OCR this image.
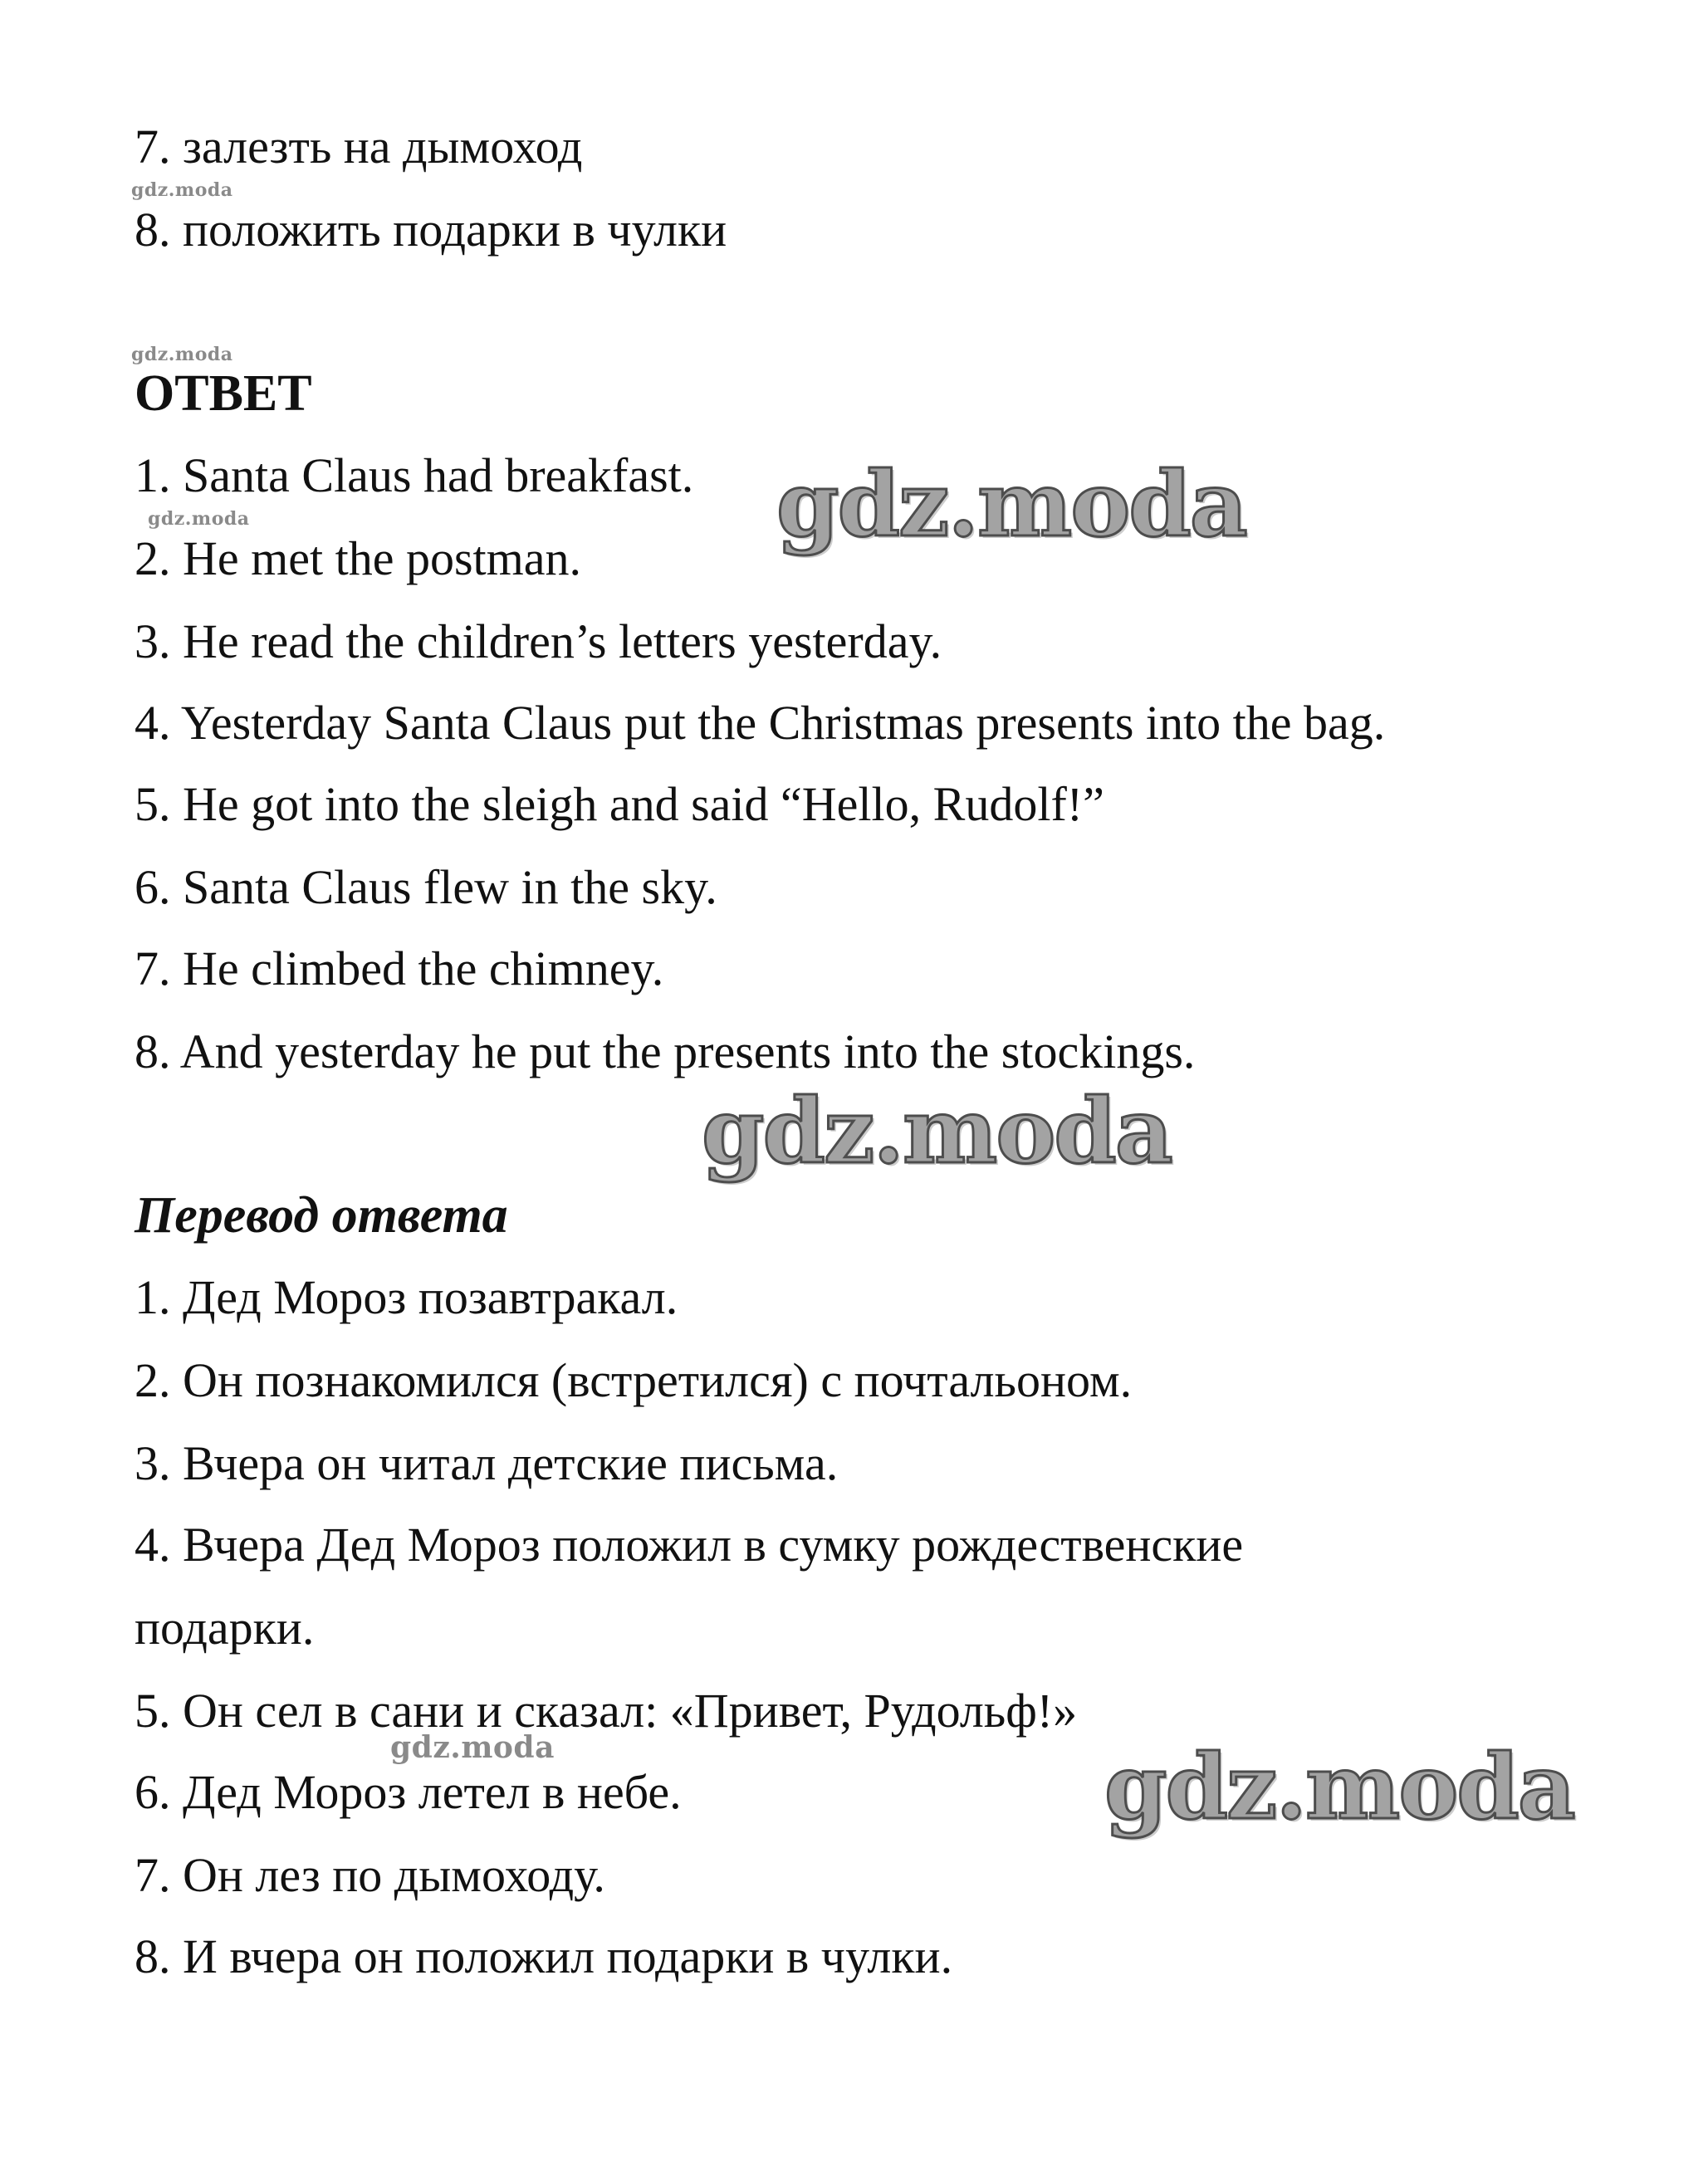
7. залезть на дымоход
8. положить подарки в чулки
ОТВЕТ
1. Santa Claus had breakfast.
2. He met the postman.
3. He read the children’s letters yesterday.
4. Yesterday Santa Claus put the Christmas presents into the bag.
5. He got into the sleigh and said “Hello, Rudolf!”
6. Santa Claus flew in the sky.
7. He climbed the chimney.
8. And yesterday he put the presents into the stockings.
Перевод ответа
1. Дед Мороз позавтракал.
2. Он познакомился (встретился) с почтальоном.
3. Вчера он читал детские письма.
4. Вчера Дед Мороз положил в сумку рождественские
подарки.
5. Он сел в сани и сказал: «Привет, Рудольф!»
6. Дед Мороз летел в небе.
7. Он лез по дымоходу.
8. И вчера он положил подарки в чулки.
gdz.moda
gdz.moda
gdz.moda
gdz.moda
gdz.moda
gdz.moda
gdz.moda
